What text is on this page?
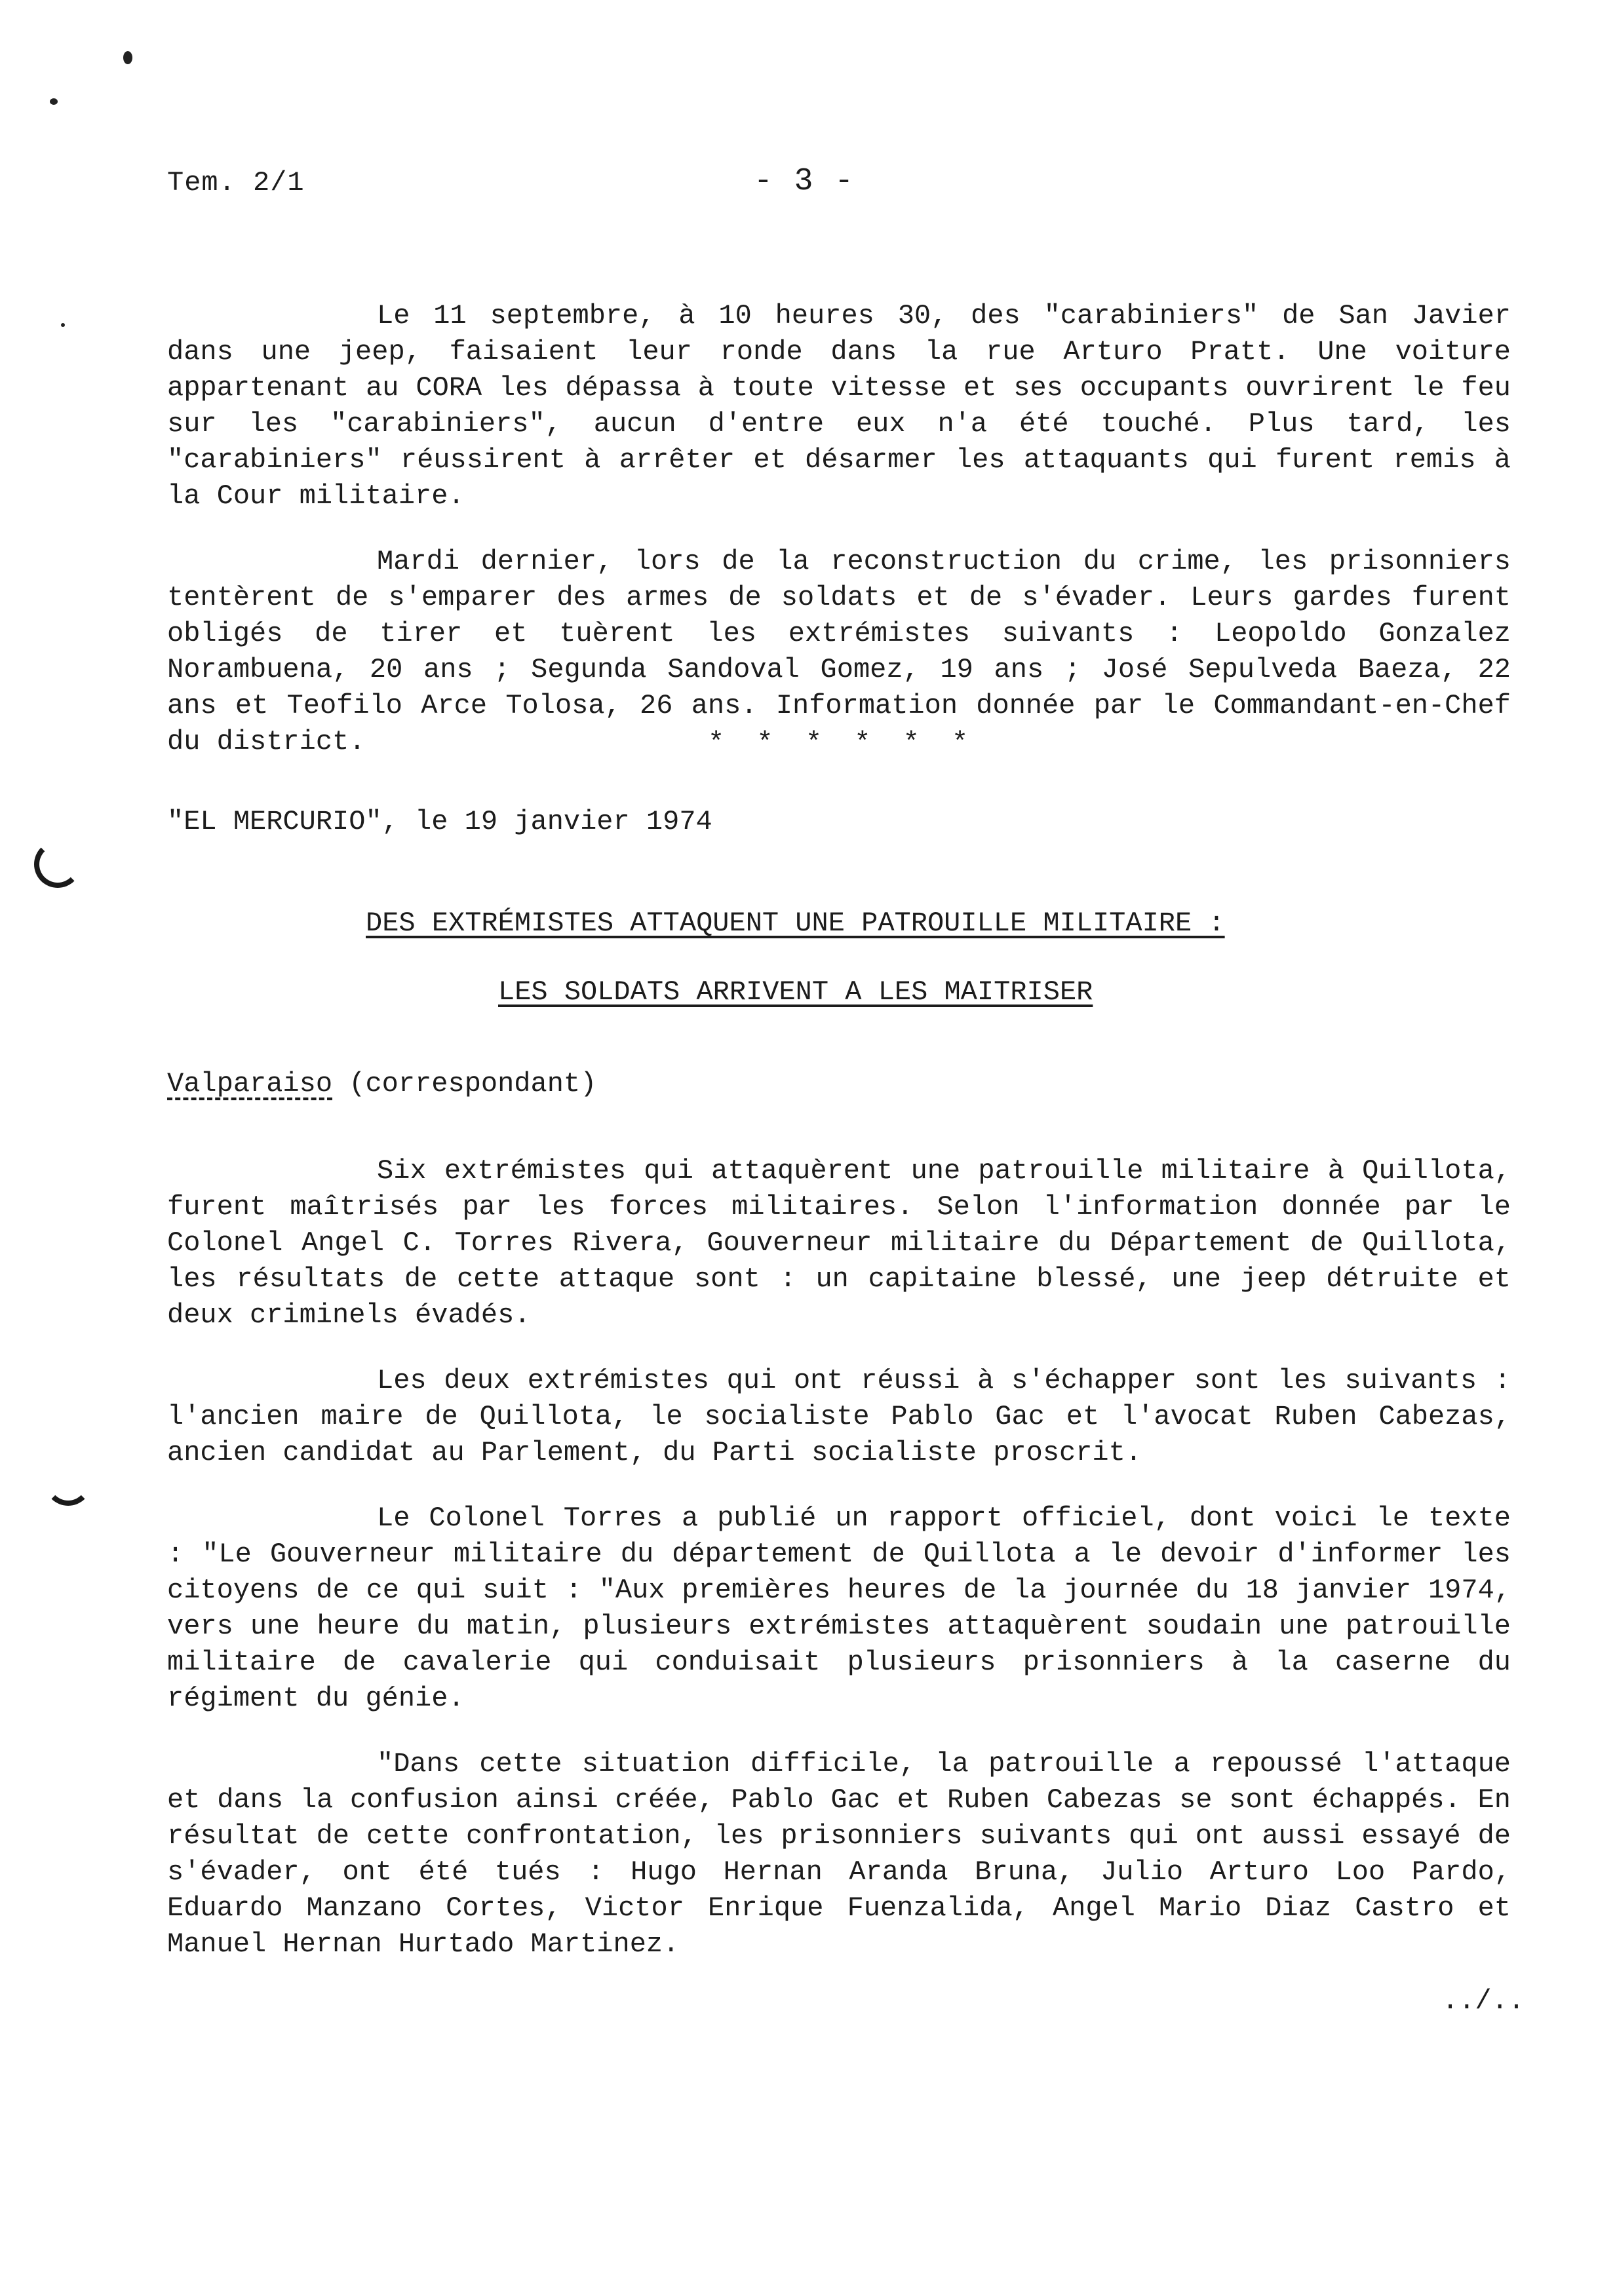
Tem. 2/1	- 3 -

Le 11 septembre, à 10 heures 30, des "carabiniers" de San Javier dans une jeep, faisaient leur ronde dans la rue Arturo Pratt. Une voiture appartenant au CORA les dépassa à toute vitesse et ses occupants ouvrirent le feu sur les "carabiniers", aucun d'entre eux n'a été touché. Plus tard, les "carabiniers" réussirent à arrêter et désarmer les attaquants qui furent remis à la Cour militaire.

Mardi dernier, lors de la reconstruction du crime, les prisonniers tentèrent de s'emparer des armes de soldats et de s'évader. Leurs gardes furent obligés de tirer et tuèrent les extrémistes suivants : Leopoldo Gonzalez Norambuena, 20 ans ; Segunda Sandoval Gomez, 19 ans ; José Sepulveda Baeza, 22 ans et Teofilo Arce Tolosa, 26 ans. Information donnée par le Commandant-en-Chef du district.	* * * * * *
"EL MERCURIO", le 19 janvier 1974
DES EXTRÉMISTES ATTAQUENT UNE PATROUILLE MILITAIRE :
LES SOLDATS ARRIVENT A LES MAITRISER
Valparaiso (correspondant)

Six extrémistes qui attaquèrent une patrouille militaire à Quillota, furent maîtrisés par les forces militaires. Selon l'information donnée par le Colonel Angel C. Torres Rivera, Gouverneur militaire du Département de Quillota, les résultats de cette attaque sont : un capitaine blessé, une jeep détruite et deux criminels évadés.

Les deux extrémistes qui ont réussi à s'échapper sont les suivants : l'ancien maire de Quillota, le socialiste Pablo Gac et l'avocat Ruben Cabezas, ancien candidat au Parlement, du Parti socialiste proscrit.

Le Colonel Torres a publié un rapport officiel, dont voici le texte : "Le Gouverneur militaire du département de Quillota a le devoir d'informer les citoyens de ce qui suit : "Aux premières heures de la journée du 18 janvier 1974, vers une heure du matin, plusieurs extrémistes attaquèrent soudain une patrouille militaire de cavalerie qui conduisait plusieurs prisonniers à la caserne du régiment du génie.

"Dans cette situation difficile, la patrouille a repoussé l'attaque et dans la confusion ainsi créée, Pablo Gac et Ruben Cabezas se sont échappés. En résultat de cette confrontation, les prisonniers suivants qui ont aussi essayé de s'évader, ont été tués : Hugo Hernan Aranda Bruna, Julio Arturo Loo Pardo, Eduardo Manzano Cortes, Victor Enrique Fuenzalida, Angel Mario Diaz Castro et Manuel Hernan Hurtado Martinez.

../..
